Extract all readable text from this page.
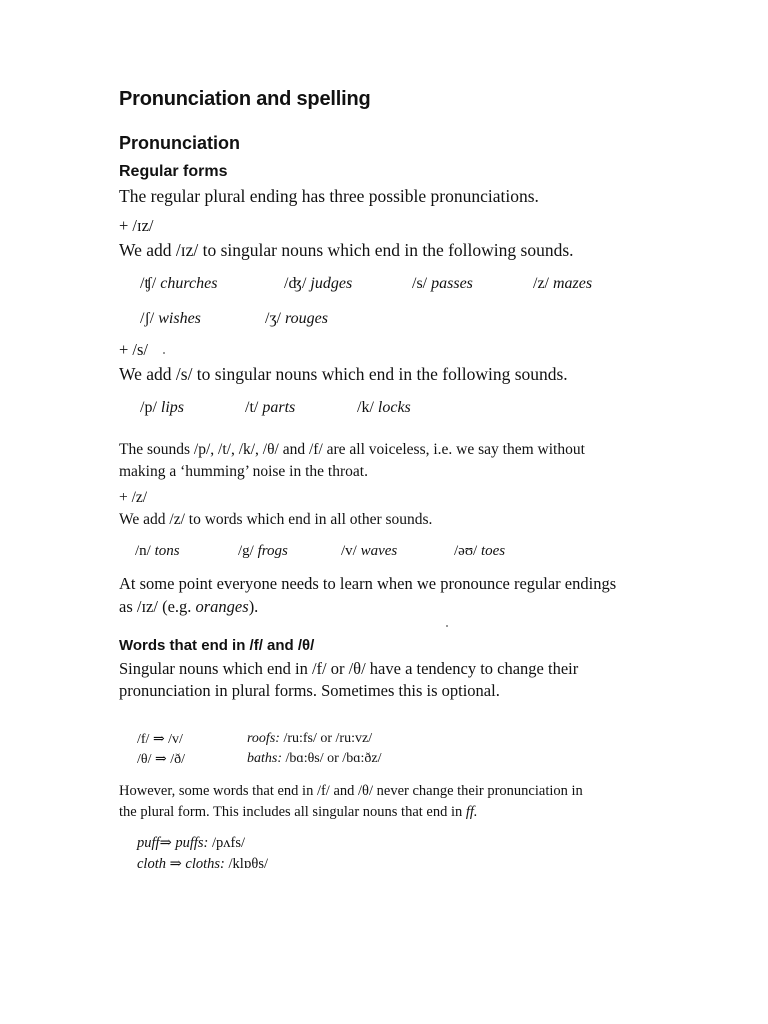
Pronunciation and spelling
Pronunciation
Regular forms
The regular plural ending has three possible pronunciations.
+ /ɪz/
We add /ɪz/ to singular nouns which end in the following sounds.
/ʧ/ churches	/ʤ/ judges	/s/ passes	/z/ mazes
/ʃ/ wishes	/ʒ/ rouges
+ /s/
We add /s/ to singular nouns which end in the following sounds.
/p/ lips	/t/ parts	/k/ locks
The sounds /p/, /t/, /k/, /θ/ and /f/ are all voiceless, i.e. we say them without
making a ‘humming’ noise in the throat.
+ /z/
We add /z/ to words which end in all other sounds.
/n/ tons	/g/ frogs	/v/ waves	/əʊ/ toes
At some point everyone needs to learn when we pronounce regular endings
as /ɪz/ (e.g. oranges).
Words that end in /f/ and /θ/
Singular nouns which end in /f/ or /θ/ have a tendency to change their
pronunciation in plural forms. Sometimes this is optional.
/f/ ⇒ /v/	roofs: /ru:fs/ or /ru:vz/
/θ/ ⇒ /ð/	baths: /bɑ:θs/ or /bɑ:ðz/
However, some words that end in /f/ and /θ/ never change their pronunciation in
the plural form. This includes all singular nouns that end in ff.
puff⇒ puffs: /pʌfs/
cloth ⇒ cloths: /klɒθs/
